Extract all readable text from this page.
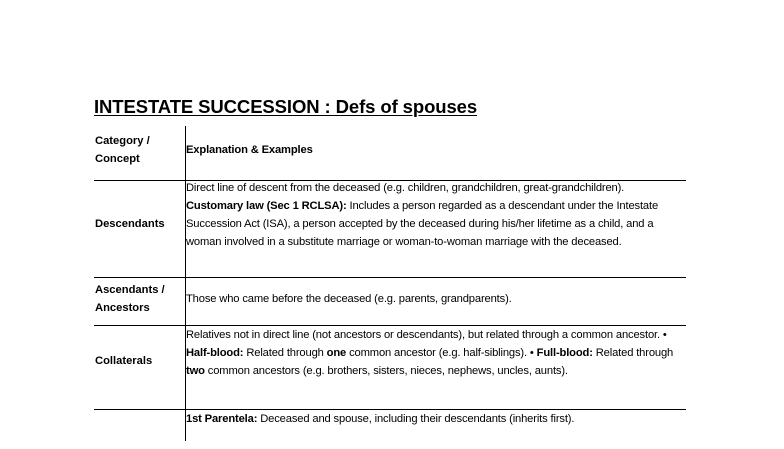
INTESTATE SUCCESSION : Defs of spouses
Category / Concept
Explanation & Examples
Descendants
Direct line of descent from the deceased (e.g. children, grandchildren, great-grandchildren).
Customary law (Sec 1 RCLSA): Includes a person regarded as a descendant under the Intestate Succession Act (ISA), a person accepted by the deceased during his/her lifetime as a child, and a woman involved in a substitute marriage or woman-to-woman marriage with the deceased.
Ascendants / Ancestors
Those who came before the deceased (e.g. parents, grandparents).
Collaterals
Relatives not in direct line (not ancestors or descendants), but related through a common ancestor. • Half-blood: Related through one common ancestor (e.g. half-siblings). • Full-blood: Related through two common ancestors (e.g. brothers, sisters, nieces, nephews, uncles, aunts).
1st Parentela: Deceased and spouse, including their descendants (inherits first).
